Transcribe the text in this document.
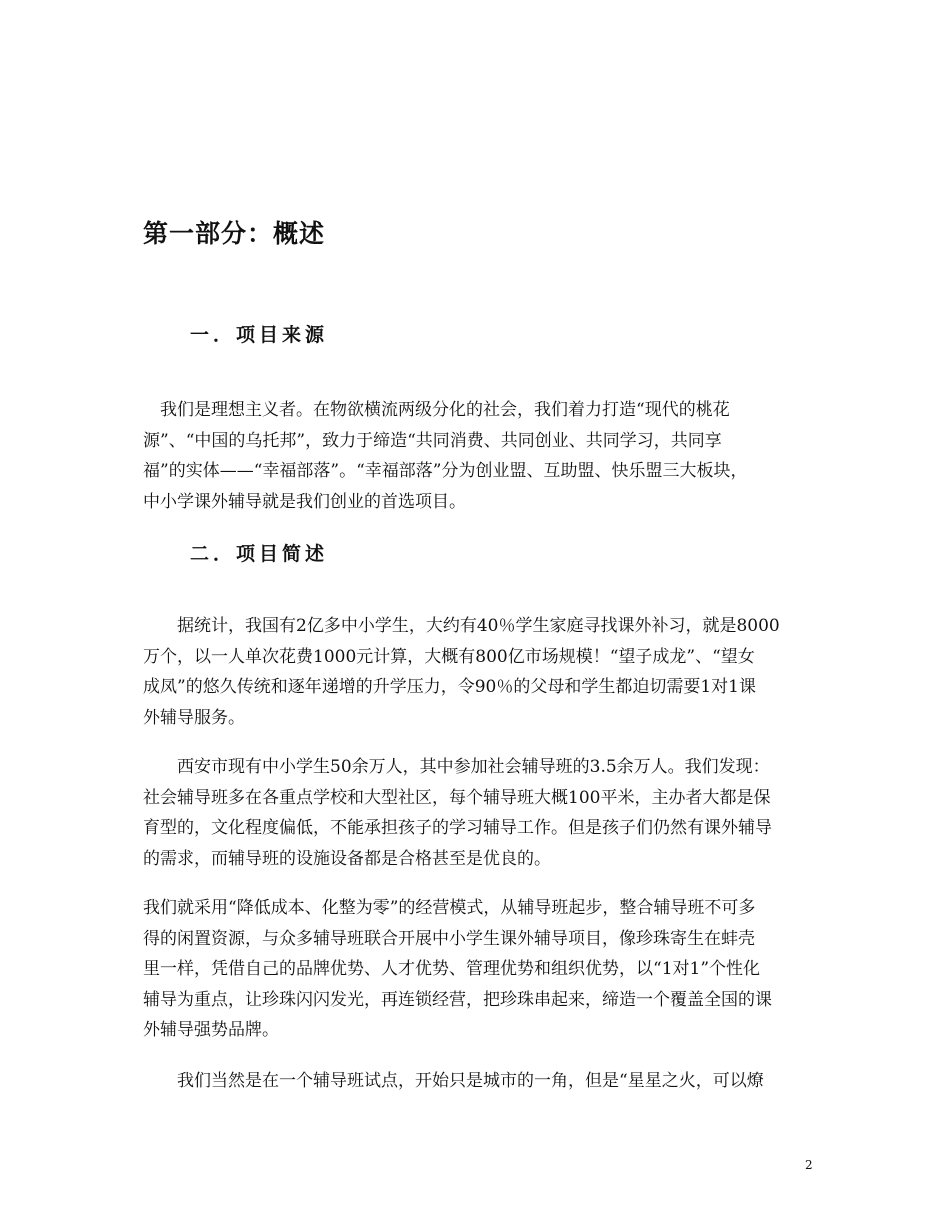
第一部分：概述
一．项目来源

　我们是理想主义者。在物欲横流两级分化的社会，我们着力打造“现代的桃花
源”、“中国的乌托邦”，致力于缔造“共同消费、共同创业、共同学习，共同享
福”的实体——“幸福部落”。“幸福部落”分为创业盟、互助盟、快乐盟三大板块，
中小学课外辅导就是我们创业的首选项目。

二．项目简述

　　据统计，我国有2亿多中小学生，大约有40％学生家庭寻找课外补习，就是8000
万个，以一人单次花费1000元计算，大概有800亿市场规模！“望子成龙”、“望女
成凤”的悠久传统和逐年递增的升学压力，令90％的父母和学生都迫切需要1对1课
外辅导服务。

　　西安市现有中小学生50余万人，其中参加社会辅导班的3.5余万人。我们发现：
社会辅导班多在各重点学校和大型社区，每个辅导班大概100平米，主办者大都是保
育型的，文化程度偏低，不能承担孩子的学习辅导工作。但是孩子们仍然有课外辅导
的需求，而辅导班的设施设备都是合格甚至是优良的。

我们就采用“降低成本、化整为零”的经营模式，从辅导班起步，整合辅导班不可多
得的闲置资源，与众多辅导班联合开展中小学生课外辅导项目，像珍珠寄生在蚌壳
里一样，凭借自己的品牌优势、人才优势、管理优势和组织优势，以“1对1”个性化
辅导为重点，让珍珠闪闪发光，再连锁经营，把珍珠串起来，缔造一个覆盖全国的课
外辅导强势品牌。

　　我们当然是在一个辅导班试点，开始只是城市的一角，但是“星星之火，可以燎

2
